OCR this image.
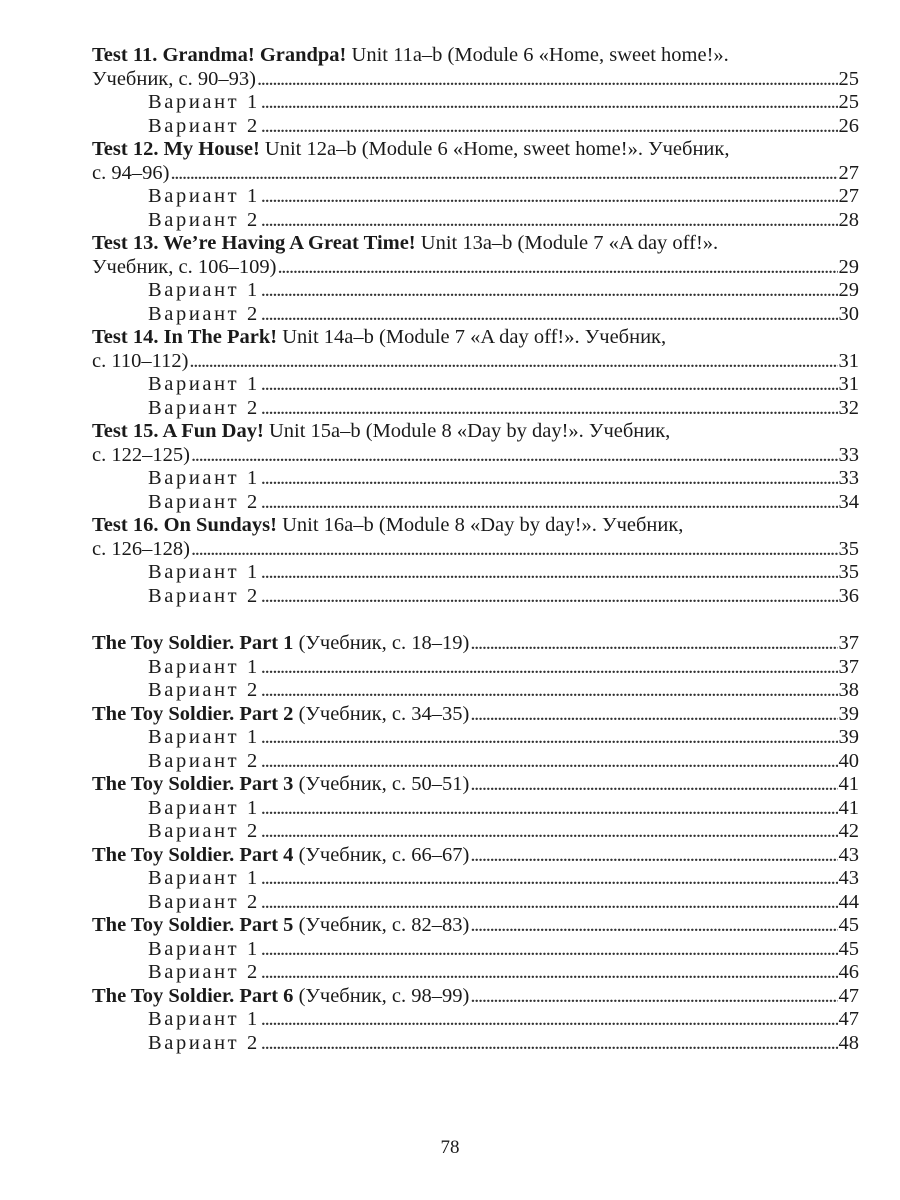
Test 11. Grandma! Grandpa! Unit 11a–b (Module 6 «Home, sweet home!».
Учебник, с. 90–93) . . .	25
Вариант 1 . . .	25
Вариант 2 . . .	26
Test 12. My House! Unit 12a–b (Module 6 «Home, sweet home!». Учебник,
с. 94–96) . . .	27
Вариант 1 . . .	27
Вариант 2 . . .	28
Test 13. We’re Having A Great Time! Unit 13a–b (Module 7 «A day off!».
Учебник, с. 106–109) . . .	29
Вариант 1 . . .	29
Вариант 2 . . .	30
Test 14. In The Park! Unit 14a–b (Module 7 «A day off!». Учебник,
с. 110–112) . . .	31
Вариант 1 . . .	31
Вариант 2 . . .	32
Test 15. A Fun Day! Unit 15a–b (Module 8 «Day by day!». Учебник,
с. 122–125) . . .	33
Вариант 1 . . .	33
Вариант 2 . . .	34
Test 16. On Sundays! Unit 16a–b (Module 8 «Day by day!». Учебник,
с. 126–128) . . .	35
Вариант 1 . . .	35
Вариант 2 . . .	36
The Toy Soldier. Part 1 (Учебник, с. 18–19) . . .	37
Вариант 1 . . .	37
Вариант 2 . . .	38
The Toy Soldier. Part 2 (Учебник, с. 34–35) . . .	39
Вариант 1 . . .	39
Вариант 2 . . .	40
The Toy Soldier. Part 3 (Учебник, с. 50–51) . . .	41
Вариант 1 . . .	41
Вариант 2 . . .	42
The Toy Soldier. Part 4 (Учебник, с. 66–67) . . .	43
Вариант 1 . . .	43
Вариант 2 . . .	44
The Toy Soldier. Part 5 (Учебник, с. 82–83) . . .	45
Вариант 1 . . .	45
Вариант 2 . . .	46
The Toy Soldier. Part 6 (Учебник, с. 98–99) . . .	47
Вариант 1 . . .	47
Вариант 2 . . .	48
78
